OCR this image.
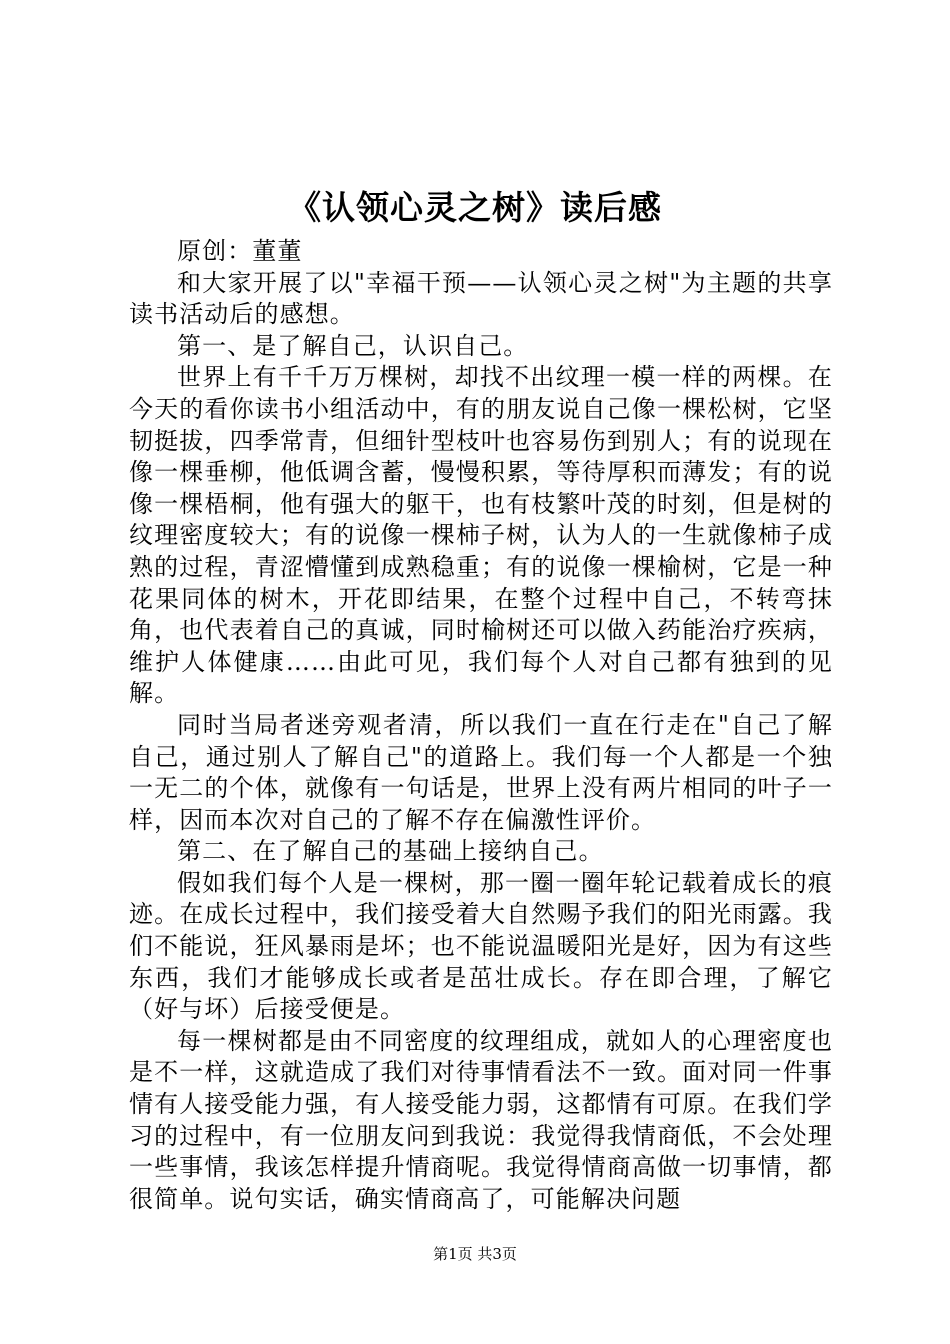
《认领心灵之树》读后感

原创：董董

和大家开展了以"幸福干预——认领心灵之树"为主题的共享读书活动后的感想。

第一、是了解自己，认识自己。

世界上有千千万万棵树，却找不出纹理一模一样的两棵。在今天的看你读书小组活动中，有的朋友说自己像一棵松树，它坚韧挺拔，四季常青，但细针型枝叶也容易伤到别人；有的说现在像一棵垂柳，他低调含蓄，慢慢积累，等待厚积而薄发；有的说像一棵梧桐，他有强大的躯干，也有枝繁叶茂的时刻，但是树的纹理密度较大；有的说像一棵柿子树，认为人的一生就像柿子成熟的过程，青涩懵懂到成熟稳重；有的说像一棵榆树，它是一种花果同体的树木，开花即结果，在整个过程中自己，不转弯抹角，也代表着自己的真诚，同时榆树还可以做入药能治疗疾病，维护人体健康……由此可见，我们每个人对自己都有独到的见解。

同时当局者迷旁观者清，所以我们一直在行走在"自己了解自己，通过别人了解自己"的道路上。我们每一个人都是一个独一无二的个体，就像有一句话是，世界上没有两片相同的叶子一样，因而本次对自己的了解不存在偏激性评价。

第二、在了解自己的基础上接纳自己。

假如我们每个人是一棵树，那一圈一圈年轮记载着成长的痕迹。在成长过程中，我们接受着大自然赐予我们的阳光雨露。我们不能说，狂风暴雨是坏；也不能说温暖阳光是好，因为有这些东西，我们才能够成长或者是茁壮成长。存在即合理，了解它（好与坏）后接受便是。

每一棵树都是由不同密度的纹理组成，就如人的心理密度也是不一样，这就造成了我们对待事情看法不一致。面对同一件事情有人接受能力强，有人接受能力弱，这都情有可原。在我们学习的过程中，有一位朋友问到我说：我觉得我情商低，不会处理一些事情，我该怎样提升情商呢。我觉得情商高做一切事情，都很简单。说句实话，确实情商高了，可能解决问题

第1页 共3页
